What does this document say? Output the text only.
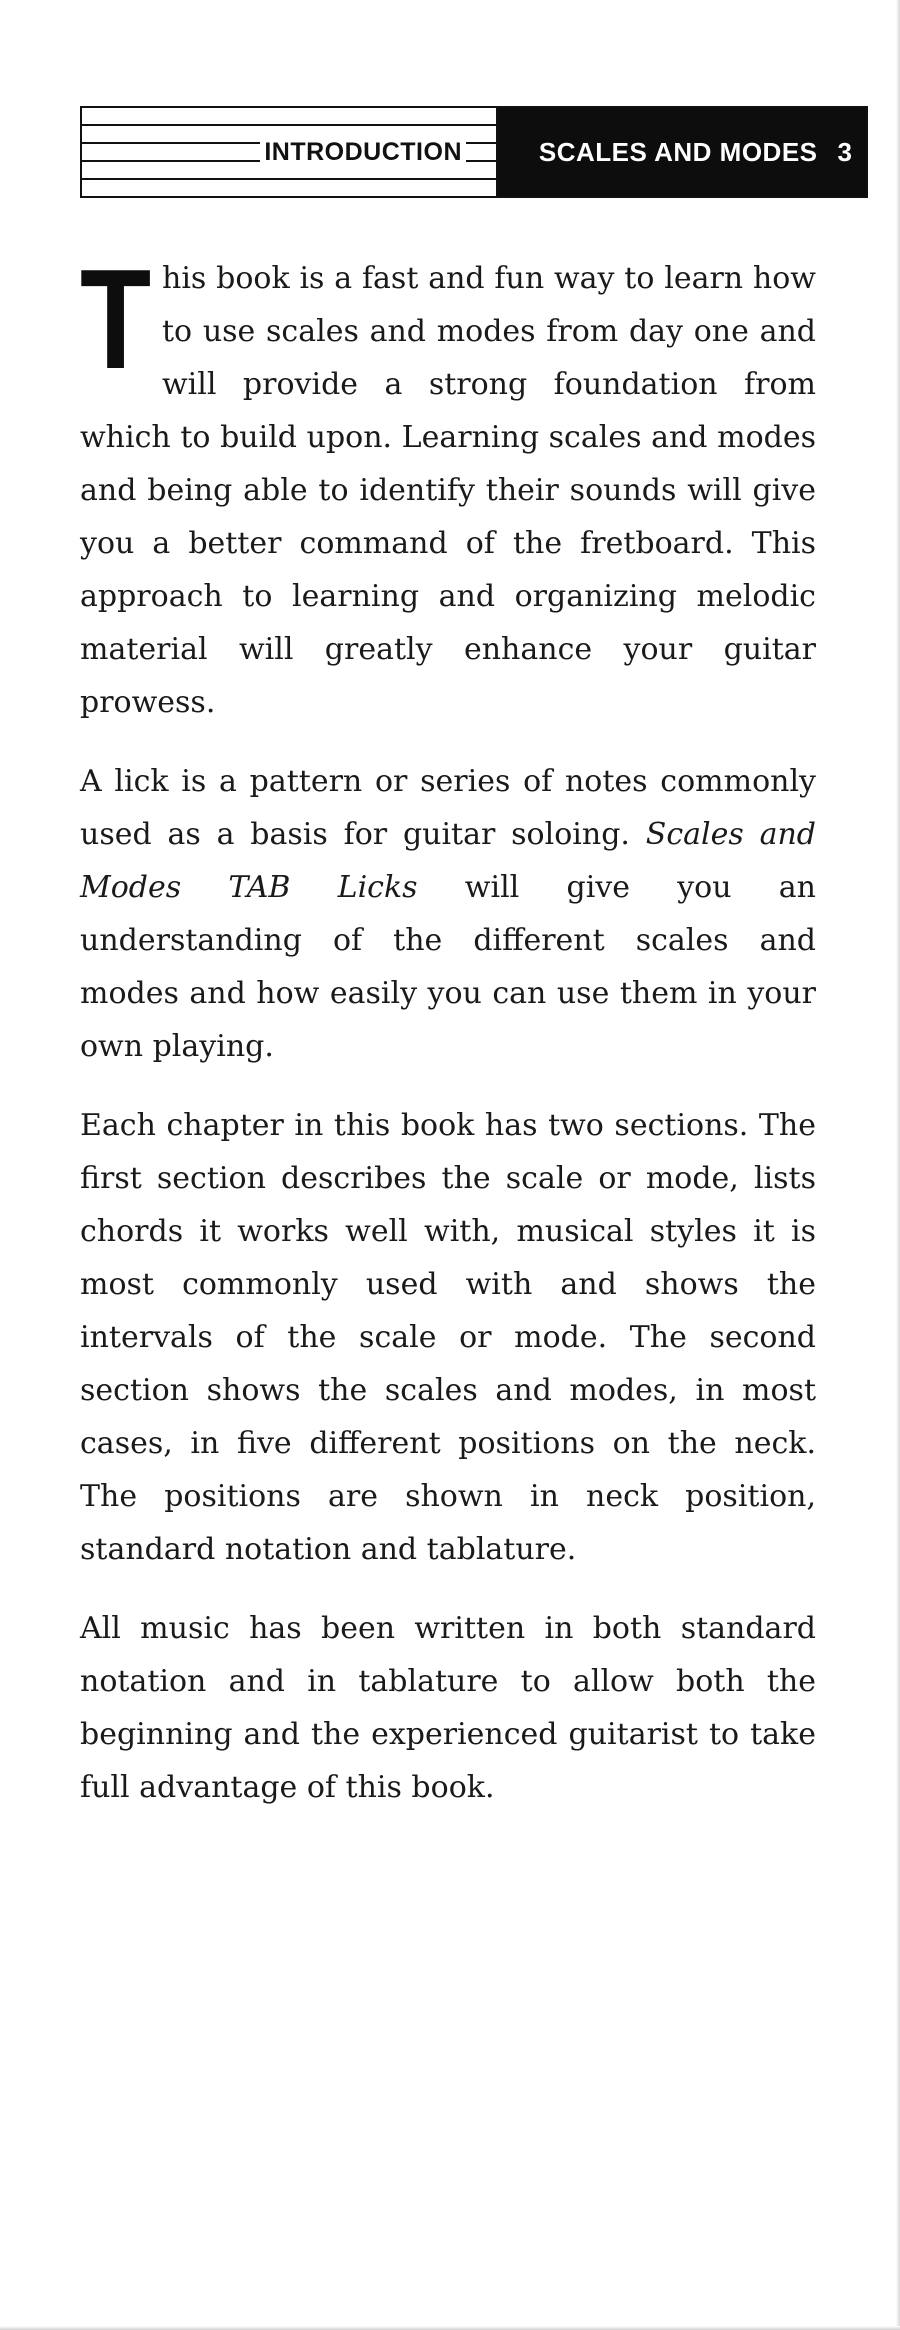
INTRODUCTION	SCALES AND MODES 3

This book is a fast and fun way to learn how to use scales and modes from day one and will provide a strong foundation from which to build upon. Learning scales and modes and being able to identify their sounds will give you a better command of the fretboard. This approach to learning and organizing melodic material will greatly enhance your guitar prowess.

A lick is a pattern or series of notes commonly used as a basis for guitar soloing. Scales and Modes TAB Licks will give you an understanding of the different scales and modes and how easily you can use them in your own playing.

Each chapter in this book has two sections. The first section describes the scale or mode, lists chords it works well with, musical styles it is most commonly used with and shows the intervals of the scale or mode. The second section shows the scales and modes, in most cases, in five different positions on the neck. The positions are shown in neck position, standard notation and tablature.

All music has been written in both standard notation and in tablature to allow both the beginning and the experienced guitarist to take full advantage of this book.
